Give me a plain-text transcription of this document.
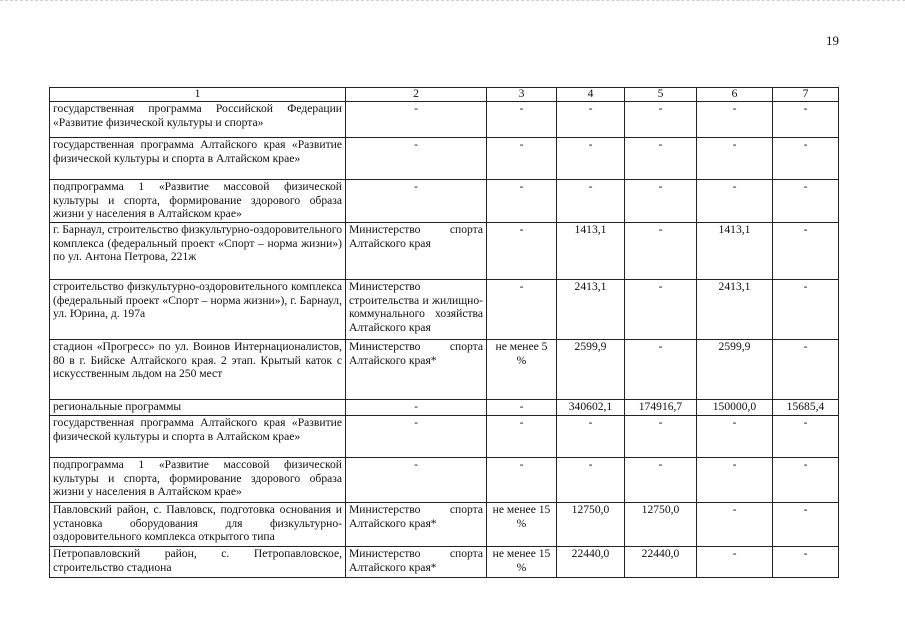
19
1	2	3	4	5	6	7
государственная программа Российской Федерации «Развитие физической культуры и спорта»	-	-	-	-	-	-
государственная программа Алтайского края «Развитие физической культуры и спорта в Алтайском крае»	-	-	-	-	-	-
подпрограмма 1 «Развитие массовой физической культуры и спорта, формирование здорового образа жизни у населения в Алтайском крае»	-	-	-	-	-	-
г. Барнаул, строительство физкультурно-оздоровительного комплекса (федеральный проект «Спорт – норма жизни») по ул. Антона Петрова, 221ж	Министерство спорта Алтайского края	-	1413,1	-	1413,1	-
строительство физкультурно-оздоровительного комплекса (федеральный проект «Спорт – норма жизни»), г. Барнаул, ул. Юрина, д. 197а	Министерство строительства и жилищно-коммунального хозяйства Алтайского края	-	2413,1	-	2413,1	-
стадион «Прогресс» по ул. Воинов Интернационалистов, 80 в г. Бийске Алтайского края. 2 этап. Крытый каток с искусственным льдом на 250 мест	Министерство спорта Алтайского края*	не менее 5 %	2599,9	-	2599,9	-
региональные программы	-	-	340602,1	174916,7	150000,0	15685,4
государственная программа Алтайского края «Развитие физической культуры и спорта в Алтайском крае»	-	-	-	-	-	-
подпрограмма 1 «Развитие массовой физической культуры и спорта, формирование здорового образа жизни у населения в Алтайском крае»	-	-	-	-	-	-
Павловский район, с. Павловск, подготовка основания и установка оборудования для физкультурно-оздоровительного комплекса открытого типа	Министерство спорта Алтайского края*	не менее 15 %	12750,0	12750,0	-	-
Петропавловский район, с. Петропавловское, строительство стадиона	Министерство спорта Алтайского края*	не менее 15 %	22440,0	22440,0	-	-
